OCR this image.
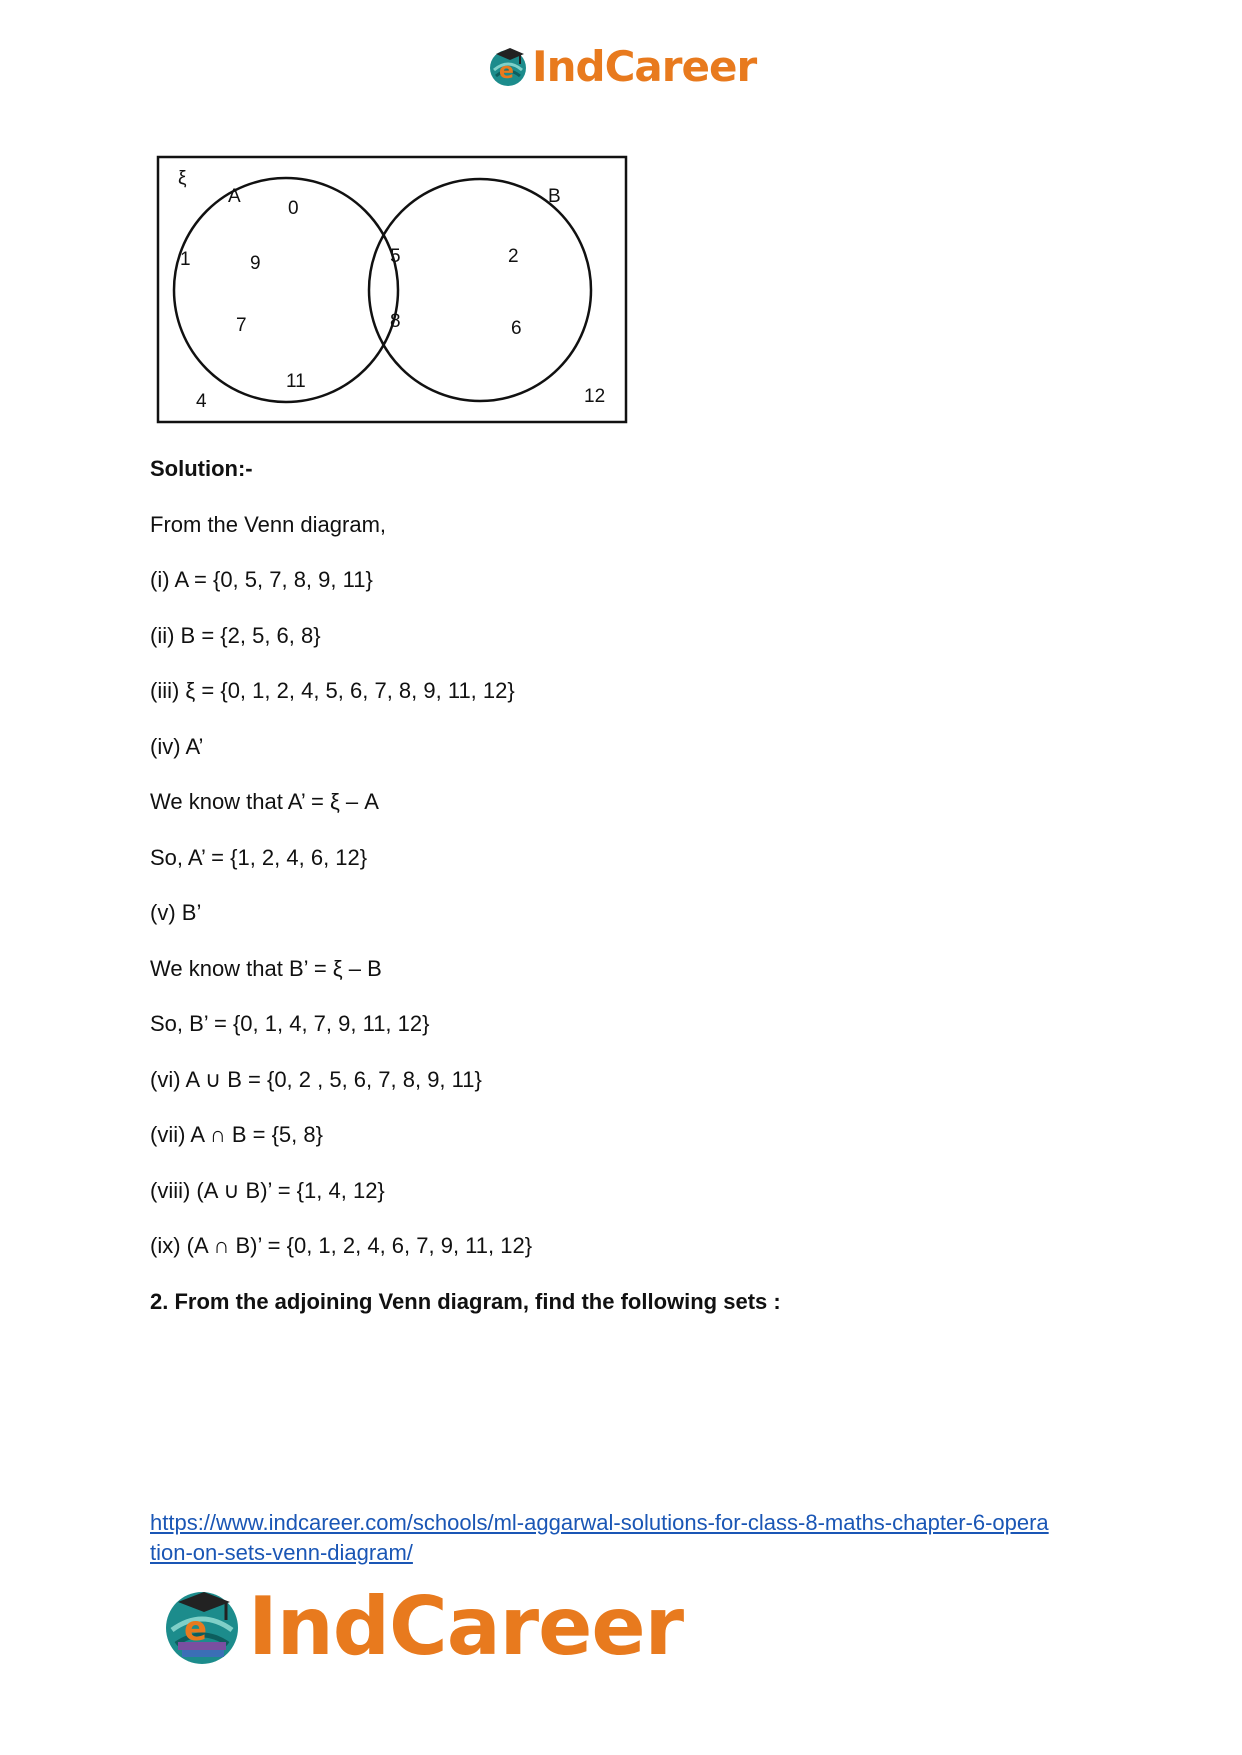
e IndCareer
ξ
A	B
0
9
7
11
5
8
2
6
1
4	12
Solution:-
From the Venn diagram,
(i) A = {0, 5, 7, 8, 9, 11}
(ii) B = {2, 5, 6, 8}
(iii) ξ = {0, 1, 2, 4, 5, 6, 7, 8, 9, 11, 12}
(iv) A’
We know that A’ = ξ – A
So, A’ = {1, 2, 4, 6, 12}
(v) B’
We know that B’ = ξ – B
So, B’ = {0, 1, 4, 7, 9, 11, 12}
(vi) A ∪ B = {0, 2 , 5, 6, 7, 8, 9, 11}
(vii) A ∩ B = {5, 8}
(viii) (A ∪ B)’ = {1, 4, 12}
(ix) (A ∩ B)’ = {0, 1, 2, 4, 6, 7, 9, 11, 12}
2. From the adjoining Venn diagram, find the following sets :
https://www.indcareer.com/schools/ml-aggarwal-solutions-for-class-8-maths-chapter-6-opera
tion-on-sets-venn-diagram/
e IndCareer
